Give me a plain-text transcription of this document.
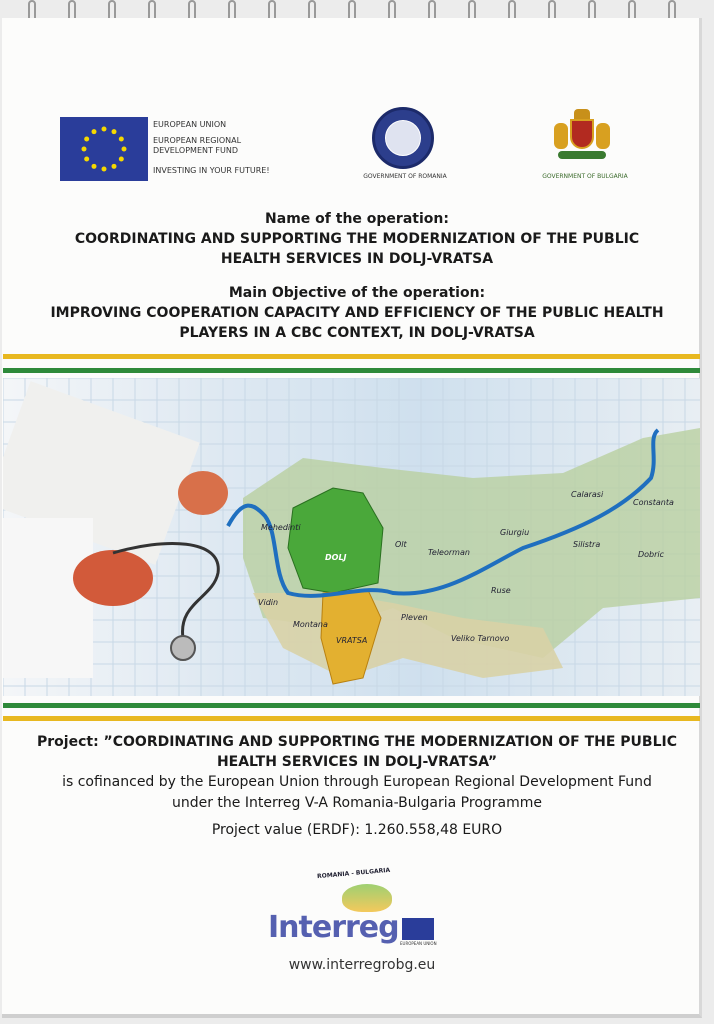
EUROPEAN UNION
EUROPEAN REGIONAL
DEVELOPMENT FUND
INVESTING IN YOUR FUTURE!
GOVERNMENT OF ROMANIA	GOVERNMENT OF BULGARIA
Name of the operation:
COORDINATING AND SUPPORTING THE MODERNIZATION OF THE PUBLIC
HEALTH SERVICES IN DOLJ-VRATSA
Main Objective of the operation:
IMPROVING COOPERATION CAPACITY AND EFFICIENCY OF THE PUBLIC HEALTH
PLAYERS IN A CBC CONTEXT, IN DOLJ-VRATSA
Mehedinti
DOLJ
Olt
Teleorman
Giurgiu
Calarasi
Constanta
Silistra
Dobric
Ruse
Veliko Tarnovo
Pleven
Montana
Vidin
VRATSA
Project: ”COORDINATING AND SUPPORTING THE MODERNIZATION OF THE PUBLIC
HEALTH SERVICES IN DOLJ-VRATSA”
is cofinanced by the European Union through European Regional Development Fund
under the Interreg V-A Romania-Bulgaria Programme
Project value (ERDF): 1.260.558,48 EURO
ROMANIA - BULGARIA
Interreg EUROPEAN UNION
www.interregrobg.eu
